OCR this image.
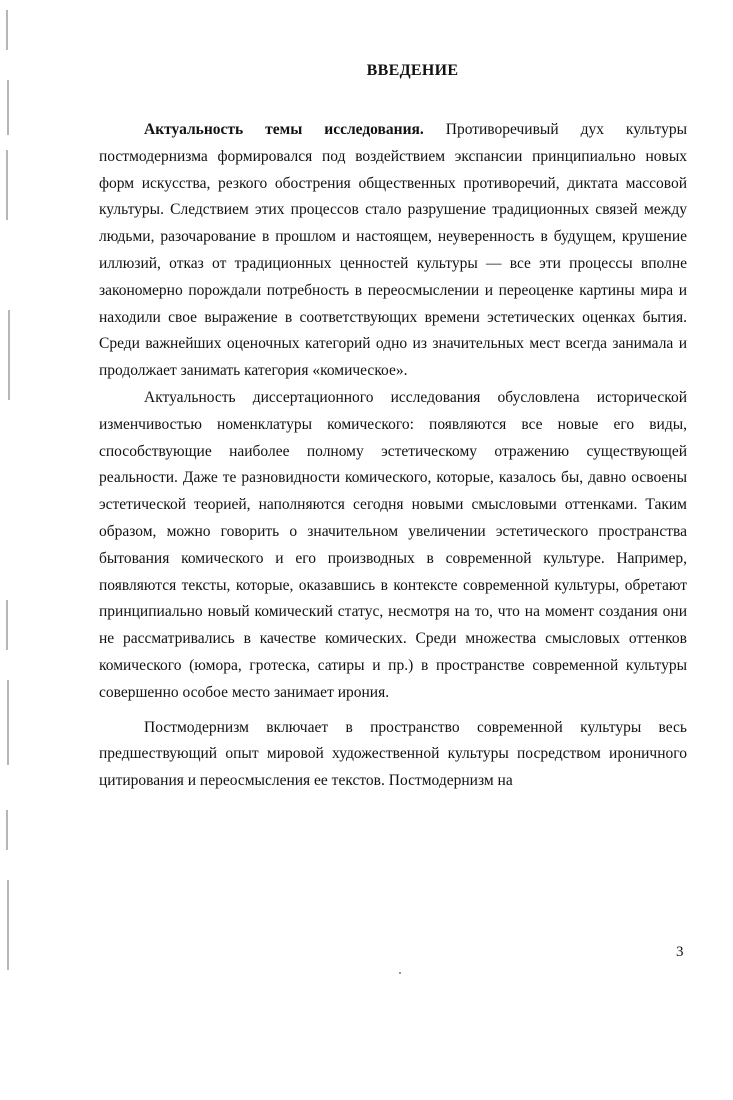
ВВЕДЕНИЕ

Актуальность темы исследования. Противоречивый дух культуры постмодернизма формировался под воздействием экспансии принципиально новых форм искусства, резкого обострения общественных противоречий, диктата массовой культуры. Следствием этих процессов стало разрушение традиционных связей между людьми, разочарование в прошлом и настоящем, неуверенность в будущем, крушение иллюзий, отказ от традиционных ценностей культуры — все эти процессы вполне закономерно порождали потребность в переосмыслении и переоценке картины мира и находили свое выражение в соответствующих времени эстетических оценках бытия. Среди важнейших оценочных категорий одно из значительных мест всегда занимала и продолжает занимать категория «комическое».

Актуальность диссертационного исследования обусловлена исторической изменчивостью номенклатуры комического: появляются все новые его виды, способствующие наиболее полному эстетическому отражению существующей реальности. Даже те разновидности комического, которые, казалось бы, давно освоены эстетической теорией, наполняются сегодня новыми смысловыми оттенками. Таким образом, можно говорить о значительном увеличении эстетического пространства бытования комического и его производных в современной культуре. Например, появляются тексты, которые, оказавшись в контексте современной культуры, обретают принципиально новый комический статус, несмотря на то, что на момент создания они не рассматривались в качестве комических. Среди множества смысловых оттенков комического (юмора, гротеска, сатиры и пр.) в пространстве современной культуры совершенно особое место занимает ирония.

Постмодернизм включает в пространство современной культуры весь предшествующий опыт мировой художественной культуры посредством ироничного цитирования и переосмысления ее текстов. Постмодернизм на

3
